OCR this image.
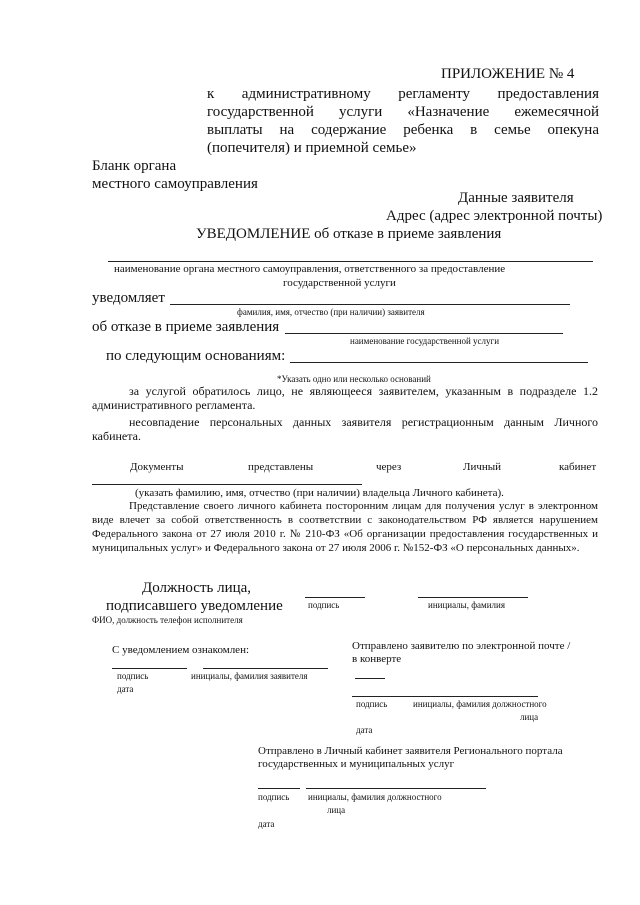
ПРИЛОЖЕНИЕ № 4
к административному регламенту предоставления
государственной услуги «Назначение ежемесячной
выплаты на содержание ребенка в семье опекуна
(попечителя) и приемной семье»
Бланк органа
местного самоуправления
Данные заявителя
Адрес (адрес электронной почты)
УВЕДОМЛЕНИЕ об отказе в приеме заявления
наименование органа местного самоуправления, ответственного за предоставление
государственной услуги
уведомляет
фамилия, имя, отчество (при наличии) заявителя
об отказе в приеме заявления
наименование государственной услуги
по следующим основаниям:
*Указать одно или несколько оснований
за услугой обратилось лицо, не являющееся заявителем, указанным в подразделе 1.2 административного регламента.
несовпадение персональных данных заявителя регистрационным данным Личного кабинета.
Документы	представлены	через	Личный	кабинет
(указать фамилию, имя, отчество (при наличии) владельца Личного кабинета).
Представление своего личного кабинета посторонним лицам для получения услуг в электронном виде влечет за собой ответственность в соответствии с законодательством РФ является нарушением Федерального закона от 27 июля 2010 г. № 210-ФЗ «Об организации предоставления государственных и муниципальных услуг» и Федерального закона от 27 июля 2006 г. №152-ФЗ «О персональных данных».
Должность лица,
подписавшего уведомление
ФИО, должность телефон исполнителя
подпись	инициалы, фамилия
С уведомлением ознакомлен:
подпись	инициалы, фамилия заявителя
дата
Отправлено заявителю по электронной почте /
в конверте
подпись	инициалы, фамилия должностного
лица
дата
Отправлено в Личный кабинет заявителя Регионального портала
государственных и муниципальных услуг
подпись инициалы, фамилия должностного
лица
дата
